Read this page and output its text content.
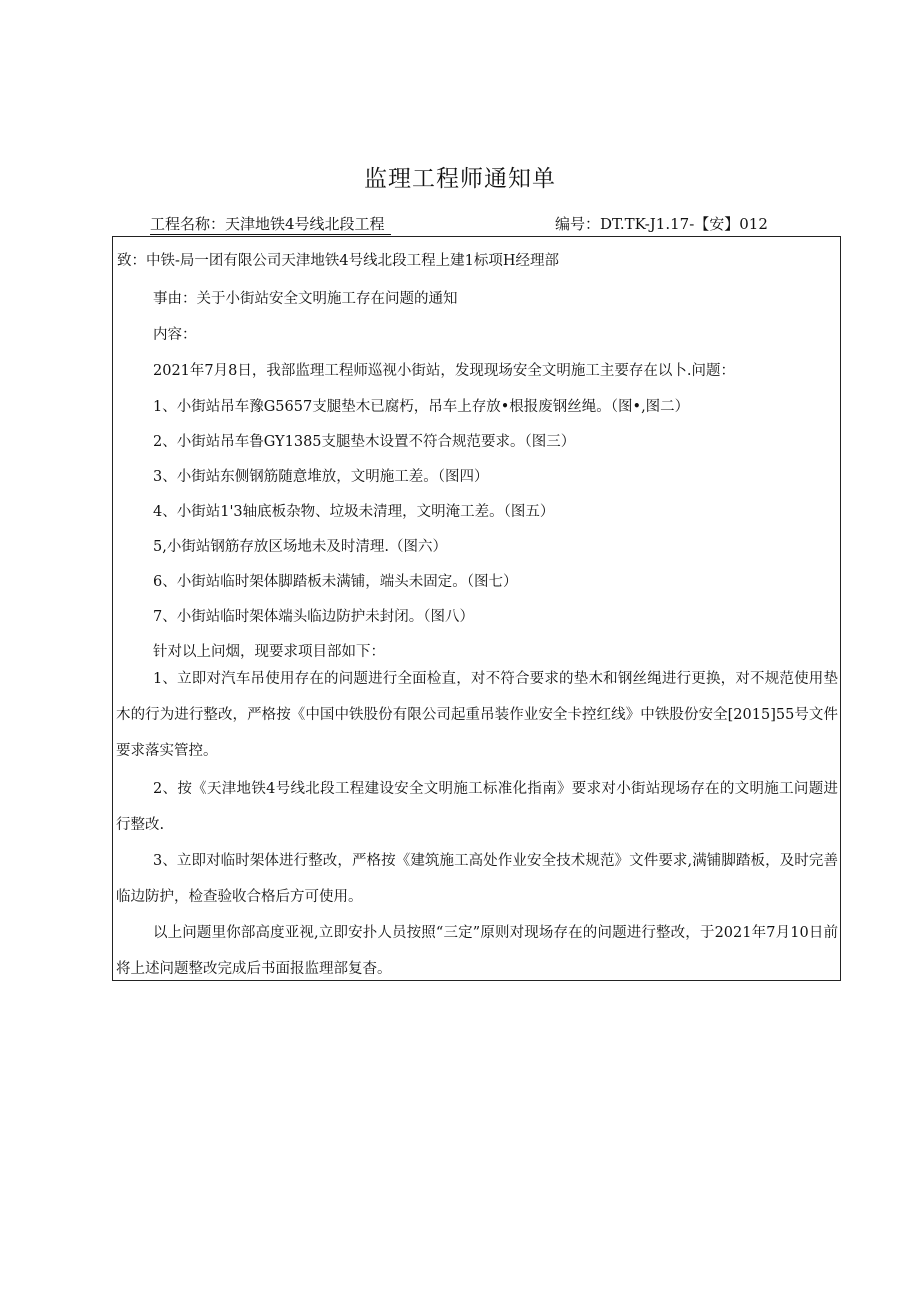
监理工程师通知单
工程名称：天津地铁4号线北段工程	编号：DT.TK-J1.17-【安】012
致：中铁-局一团有限公司天津地铁4号线北段工程上建1标项H经理部
事由：关于小街站安全文明施工存在问题的通知
内容：
2021年7月8日，我部监理工程师巡视小街站，发现现场安全文明施工主要存在以卜.问题：
1、小街站吊车豫G5657支腿垫木已腐朽，吊车上存放•根报废钢丝绳。（图•,图二）
2、小街站吊车鲁GY1385支腿垫木设置不符合规范要求。（图三）
3、小街站东侧钢筋随意堆放，文明施工差。（图四）
4、小街站1'3轴底板杂物、垃圾未清理，文明淹工差。（图五）
5,小街站钢筋存放区场地未及时清理.（图六）
6、小街站临时架体脚踏板未满铺，端头未固定。（图七）
7、小街站临时架体端头临边防护未封闭。（图八）
针对以上问烟，现要求项目部如下：
1、立即对汽车吊使用存在的问题进行全面检直，对不符合要求的垫木和钢丝绳进行更换，对不规范使用垫木的行为进行整改，严格按《中国中铁股份有限公司起重吊装作业安全卡控红线》中铁股份安全[2015]55号文件要求落实管控。
2、按《天津地铁4号线北段工程建设安全文明施工标准化指南》要求对小街站现场存在的文明施工问题进行整改.
3、立即对临时架体进行整改，严格按《建筑施工高处作业安全技术规范》文件要求,满铺脚踏板，及时完善临边防护，检查验收合格后方可使用。
以上问题里你部高度亚视,立即安扑人员按照“三定”原则对现场存在的问题进行整改，于2021年7月10日前将上述问题整改完成后书面报监理部复杳。
